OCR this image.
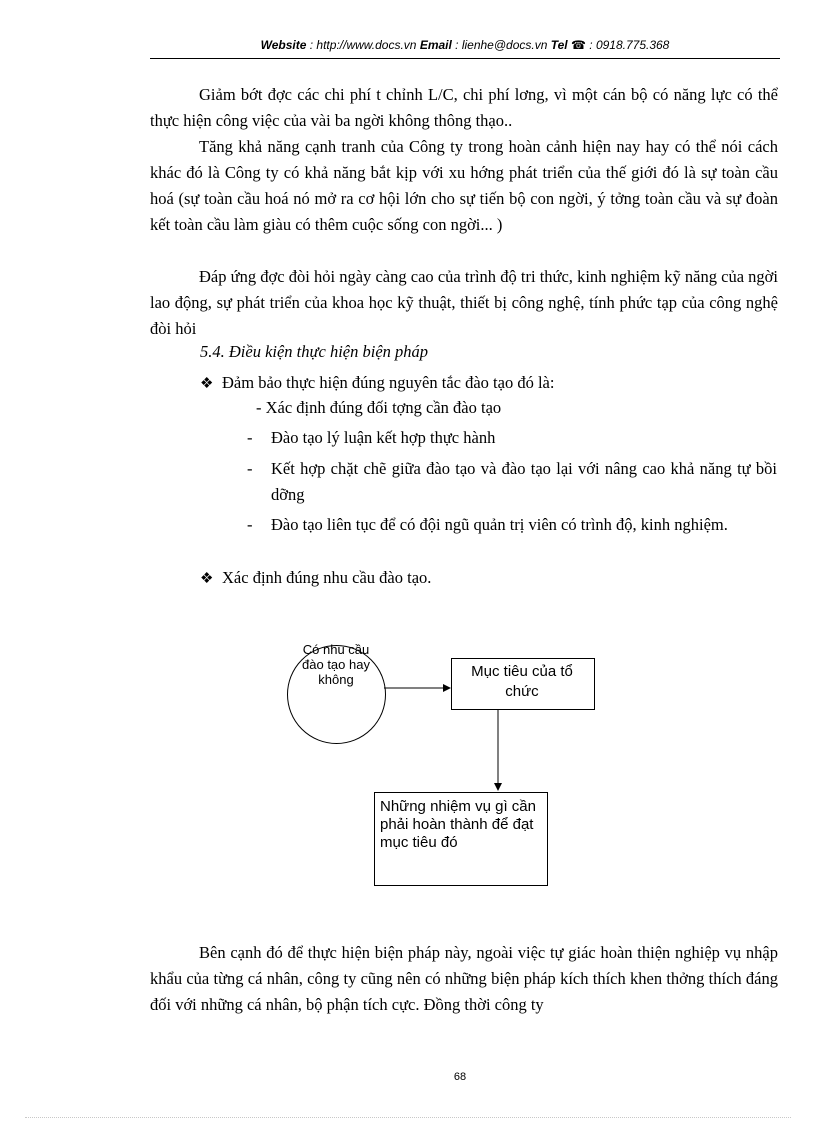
Website : http://www.docs.vn Email : lienhe@docs.vn Tel ☎ : 0918.775.368

Giảm bớt đợc các chi phí t chỉnh L/C, chi phí lơng, vì một cán bộ có năng lực có thể thực hiện công việc của vài ba ngời không thông thạo..

Tăng khả năng cạnh tranh của Công ty trong hoàn cảnh hiện nay hay có thể nói cách khác đó là Công ty có khả năng bắt kịp với xu hớng phát triển của thế giới đó là sự toàn cầu hoá (sự toàn cầu hoá nó mở ra cơ hội lớn cho sự tiến bộ con ngời, ý tởng toàn cầu và sự đoàn kết toàn cầu làm giàu có thêm cuộc sống con ngời... )

Đáp ứng đợc đòi hỏi ngày càng cao của trình độ tri thức, kinh nghiệm kỹ năng của ngời lao động, sự phát triển của khoa học kỹ thuật, thiết bị công nghệ, tính phức tạp của công nghệ đòi hỏi

5.4. Điều kiện thực hiện biện pháp
❖ Đảm bảo thực hiện đúng nguyên tắc đào tạo đó là:
- Xác định đúng đối tợng cần đào tạo
- Đào tạo lý luận kết hợp thực hành
- Kết hợp chặt chẽ giữa đào tạo và đào tạo lại với nâng cao khả năng tự bồi dỡng
- Đào tạo liên tục để có đội ngũ quản trị viên có trình độ, kinh nghiệm.
❖ Xác định đúng nhu cầu đào tạo.
Có nhu cầu đào tạo hay không	Mục tiêu của tổ chức
Những nhiệm vụ gì cần phải hoàn thành để đạt mục tiêu đó

Bên cạnh đó để thực hiện biện pháp này, ngoài việc tự giác hoàn thiện nghiệp vụ nhập khẩu của từng cá nhân, công ty cũng nên có những biện pháp kích thích khen thởng thích đáng đối với những cá nhân, bộ phận tích cực. Đồng thời công ty

68
